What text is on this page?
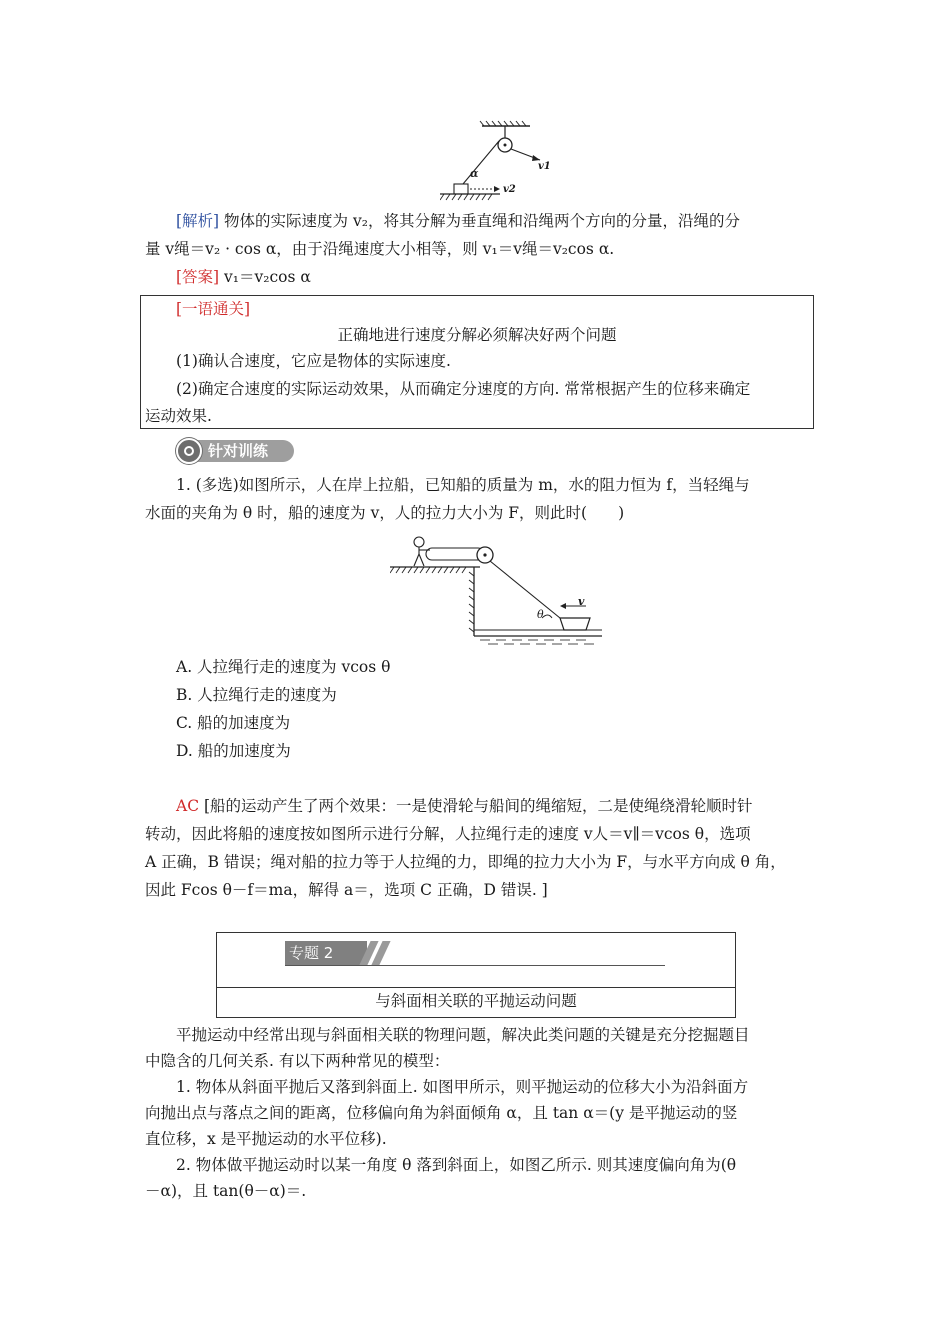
α
v1
v2
[解析] 物体的实际速度为 v₂，将其分解为垂直绳和沿绳两个方向的分量，沿绳的分
量 v绳＝v₂ · cos α，由于沿绳速度大小相等，则 v₁＝v绳＝v₂cos α.
[答案] v₁＝v₂cos α
[一语通关]
正确地进行速度分解必须解决好两个问题
(1)确认合速度，它应是物体的实际速度.
(2)确定合速度的实际运动效果，从而确定分速度的方向. 常常根据产生的位移来确定
运动效果.
针对训练
1. (多选)如图所示，人在岸上拉船，已知船的质量为 m，水的阻力恒为 f，当轻绳与
水面的夹角为 θ 时，船的速度为 v，人的拉力大小为 F，则此时(　　)
θ
v
A. 人拉绳行走的速度为 vcos θ
B. 人拉绳行走的速度为
C. 船的加速度为
D. 船的加速度为
AC [船的运动产生了两个效果：一是使滑轮与船间的绳缩短，二是使绳绕滑轮顺时针
转动，因此将船的速度按如图所示进行分解，人拉绳行走的速度 v人＝v∥＝vcos θ，选项
A 正确，B 错误；绳对船的拉力等于人拉绳的力，即绳的拉力大小为 F，与水平方向成 θ 角，
因此 Fcos θ－f＝ma，解得 a＝，选项 C 正确，D 错误. ]
专题 2
与斜面相关联的平抛运动问题
平抛运动中经常出现与斜面相关联的物理问题，解决此类问题的关键是充分挖掘题目
中隐含的几何关系. 有以下两种常见的模型：
1. 物体从斜面平抛后又落到斜面上. 如图甲所示，则平抛运动的位移大小为沿斜面方
向抛出点与落点之间的距离，位移偏向角为斜面倾角 α，且 tan α＝(y 是平抛运动的竖
直位移，x 是平抛运动的水平位移).
2. 物体做平抛运动时以某一角度 θ 落到斜面上，如图乙所示. 则其速度偏向角为(θ
－α)，且 tan(θ－α)＝.
